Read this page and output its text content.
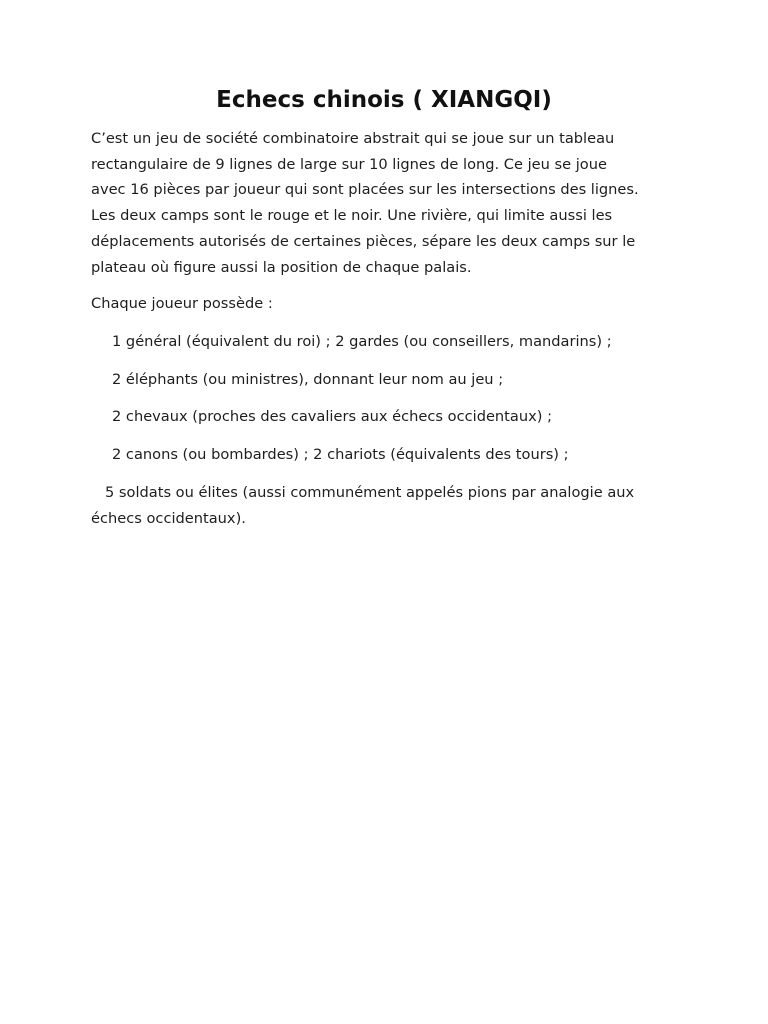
Echecs chinois ( XIANGQI)

C’est un jeu de société combinatoire abstrait qui se joue sur un tableau
rectangulaire de 9 lignes de large sur 10 lignes de long. Ce jeu se joue
avec 16 pièces par joueur qui sont placées sur les intersections des lignes.
Les deux camps sont le rouge et le noir. Une rivière, qui limite aussi les
déplacements autorisés de certaines pièces, sépare les deux camps sur le
plateau où figure aussi la position de chaque palais.

Chaque joueur possède :

1 général (équivalent du roi) ; 2 gardes (ou conseillers, mandarins) ;

2 éléphants (ou ministres), donnant leur nom au jeu ;

2 chevaux (proches des cavaliers aux échecs occidentaux) ;

2 canons (ou bombardes) ; 2 chariots (équivalents des tours) ;

5 soldats ou élites (aussi communément appelés pions par analogie aux
échecs occidentaux).
